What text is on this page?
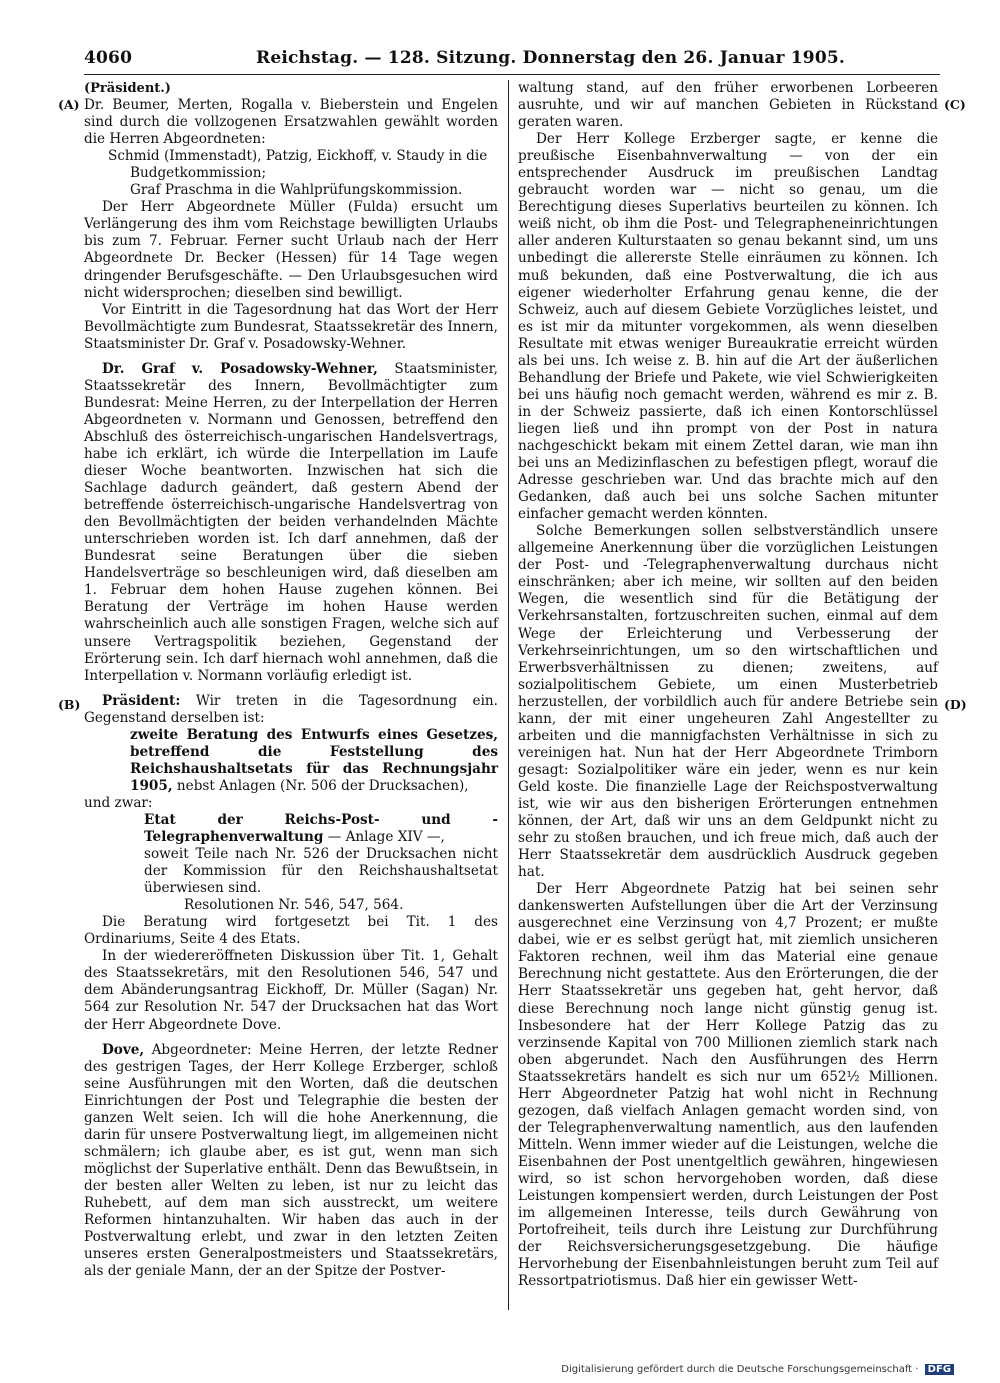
4060	Reichstag. — 128. Sitzung. Donnerstag den 26. Januar 1905.
(A)
(B)
(C)
(D)

(Präsident.)

Dr. Beumer, Merten, Rogalla v. Bieberstein und Engelen sind durch die vollzogenen Ersatzwahlen gewählt worden die Herren Abgeordneten:

Schmid (Immenstadt), Patzig, Eickhoff, v. Staudy in die Budgetkommission;

Graf Praschma in die Wahlprüfungskommission.

Der Herr Abgeordnete Müller (Fulda) ersucht um Verlängerung des ihm vom Reichstage bewilligten Urlaubs bis zum 7. Februar. Ferner sucht Urlaub nach der Herr Abgeordnete Dr. Becker (Hessen) für 14 Tage wegen dringender Berufsgeschäfte. — Den Urlaubsgesuchen wird nicht widersprochen; dieselben sind bewilligt.

Vor Eintritt in die Tagesordnung hat das Wort der Herr Bevollmächtigte zum Bundesrat, Staatssekretär des Innern, Staatsminister Dr. Graf v. Posadowsky-Wehner.

Dr. Graf v. Posadowsky-Wehner, Staatsminister, Staatssekretär des Innern, Bevollmächtigter zum Bundesrat: Meine Herren, zu der Interpellation der Herren Abgeordneten v. Normann und Genossen, betreffend den Abschluß des österreichisch-ungarischen Handelsvertrags, habe ich erklärt, ich würde die Interpellation im Laufe dieser Woche beantworten. Inzwischen hat sich die Sachlage dadurch geändert, daß gestern Abend der betreffende österreichisch-ungarische Handelsvertrag von den Bevollmächtigten der beiden verhandelnden Mächte unterschrieben worden ist. Ich darf annehmen, daß der Bundesrat seine Beratungen über die sieben Handelsverträge so beschleunigen wird, daß dieselben am 1. Februar dem hohen Hause zugehen können. Bei Beratung der Verträge im hohen Hause werden wahrscheinlich auch alle sonstigen Fragen, welche sich auf unsere Vertragspolitik beziehen, Gegenstand der Erörterung sein. Ich darf hiernach wohl annehmen, daß die Interpellation v. Normann vorläufig erledigt ist.

Präsident: Wir treten in die Tagesordnung ein. Gegenstand derselben ist:

zweite Beratung des Entwurfs eines Gesetzes, betreffend die Feststellung des Reichshaushaltsetats für das Rechnungsjahr 1905, nebst Anlagen (Nr. 506 der Drucksachen),

und zwar:

Etat der Reichs-Post- und -Telegraphenverwaltung — Anlage XIV —,

soweit Teile nach Nr. 526 der Drucksachen nicht der Kommission für den Reichshaushaltsetat überwiesen sind.

Resolutionen Nr. 546, 547, 564.

Die Beratung wird fortgesetzt bei Tit. 1 des Ordinariums, Seite 4 des Etats.

In der wiedereröffneten Diskussion über Tit. 1, Gehalt des Staatssekretärs, mit den Resolutionen 546, 547 und dem Abänderungsantrag Eickhoff, Dr. Müller (Sagan) Nr. 564 zur Resolution Nr. 547 der Drucksachen hat das Wort der Herr Abgeordnete Dove.

Dove, Abgeordneter: Meine Herren, der letzte Redner des gestrigen Tages, der Herr Kollege Erzberger, schloß seine Ausführungen mit den Worten, daß die deutschen Einrichtungen der Post und Telegraphie die besten der ganzen Welt seien. Ich will die hohe Anerkennung, die darin für unsere Postverwaltung liegt, im allgemeinen nicht schmälern; ich glaube aber, es ist gut, wenn man sich möglichst der Superlative enthält. Denn das Bewußtsein, in der besten aller Welten zu leben, ist nur zu leicht das Ruhebett, auf dem man sich ausstreckt, um weitere Reformen hintanzuhalten. Wir haben das auch in der Postverwaltung erlebt, und zwar in den letzten Zeiten unseres ersten Generalpostmeisters und Staatssekretärs, als der geniale Mann, der an der Spitze der Postver-

waltung stand, auf den früher erworbenen Lorbeeren ausruhte, und wir auf manchen Gebieten in Rückstand geraten waren.

Der Herr Kollege Erzberger sagte, er kenne die preußische Eisenbahnverwaltung — von der ein entsprechender Ausdruck im preußischen Landtag gebraucht worden war — nicht so genau, um die Berechtigung dieses Superlativs beurteilen zu können. Ich weiß nicht, ob ihm die Post- und Telegrapheneinrichtungen aller anderen Kulturstaaten so genau bekannt sind, um uns unbedingt die allererste Stelle einräumen zu können. Ich muß bekunden, daß eine Postverwaltung, die ich aus eigener wiederholter Erfahrung genau kenne, die der Schweiz, auch auf diesem Gebiete Vorzügliches leistet, und es ist mir da mitunter vorgekommen, als wenn dieselben Resultate mit etwas weniger Bureaukratie erreicht würden als bei uns. Ich weise z. B. hin auf die Art der äußerlichen Behandlung der Briefe und Pakete, wie viel Schwierigkeiten bei uns häufig noch gemacht werden, während es mir z. B. in der Schweiz passierte, daß ich einen Kontorschlüssel liegen ließ und ihn prompt von der Post in natura nachgeschickt bekam mit einem Zettel daran, wie man ihn bei uns an Medizinflaschen zu befestigen pflegt, worauf die Adresse geschrieben war. Und das brachte mich auf den Gedanken, daß auch bei uns solche Sachen mitunter einfacher gemacht werden könnten.

Solche Bemerkungen sollen selbstverständlich unsere allgemeine Anerkennung über die vorzüglichen Leistungen der Post- und -Telegraphenverwaltung durchaus nicht einschränken; aber ich meine, wir sollten auf den beiden Wegen, die wesentlich sind für die Betätigung der Verkehrsanstalten, fortzuschreiten suchen, einmal auf dem Wege der Erleichterung und Verbesserung der Verkehrseinrichtungen, um so den wirtschaftlichen und Erwerbsverhältnissen zu dienen; zweitens, auf sozialpolitischem Gebiete, um einen Musterbetrieb herzustellen, der vorbildlich auch für andere Betriebe sein kann, der mit einer ungeheuren Zahl Angestellter zu arbeiten und die mannigfachsten Verhältnisse in sich zu vereinigen hat. Nun hat der Herr Abgeordnete Trimborn gesagt: Sozialpolitiker wäre ein jeder, wenn es nur kein Geld koste. Die finanzielle Lage der Reichspostverwaltung ist, wie wir aus den bisherigen Erörterungen entnehmen können, der Art, daß wir uns an dem Geldpunkt nicht zu sehr zu stoßen brauchen, und ich freue mich, daß auch der Herr Staatssekretär dem ausdrücklich Ausdruck gegeben hat.

Der Herr Abgeordnete Patzig hat bei seinen sehr dankenswerten Aufstellungen über die Art der Verzinsung ausgerechnet eine Verzinsung von 4,7 Prozent; er mußte dabei, wie er es selbst gerügt hat, mit ziemlich unsicheren Faktoren rechnen, weil ihm das Material eine genaue Berechnung nicht gestattete. Aus den Erörterungen, die der Herr Staatssekretär uns gegeben hat, geht hervor, daß diese Berechnung noch lange nicht günstig genug ist. Insbesondere hat der Herr Kollege Patzig das zu verzinsende Kapital von 700 Millionen ziemlich stark nach oben abgerundet. Nach den Ausführungen des Herrn Staatssekretärs handelt es sich nur um 652½ Millionen. Herr Abgeordneter Patzig hat wohl nicht in Rechnung gezogen, daß vielfach Anlagen gemacht worden sind, von der Telegraphenverwaltung namentlich, aus den laufenden Mitteln. Wenn immer wieder auf die Leistungen, welche die Eisenbahnen der Post unentgeltlich gewähren, hingewiesen wird, so ist schon hervorgehoben worden, daß diese Leistungen kompensiert werden, durch Leistungen der Post im allgemeinen Interesse, teils durch Gewährung von Portofreiheit, teils durch ihre Leistung zur Durchführung der Reichsversicherungsgesetzgebung. Die häufige Hervorhebung der Eisenbahnleistungen beruht zum Teil auf Ressortpatriotismus. Daß hier ein gewisser Wett-

Digitalisierung gefördert durch die Deutsche Forschungsgemeinschaft · DFG
